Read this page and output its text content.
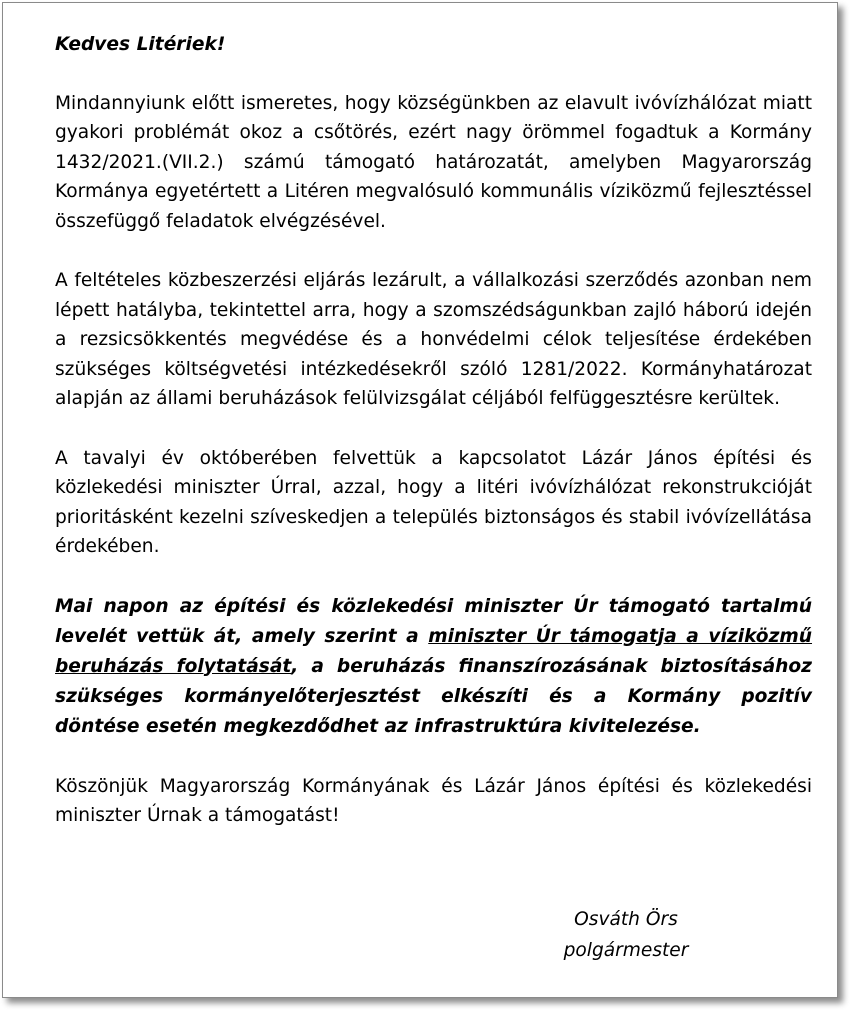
Kedves Litériek!
Mindannyiunk előtt ismeretes, hogy községünkben az elavult ivóvízhálózat miatt gyakori problémát okoz a csőtörés, ezért nagy örömmel fogadtuk a Kormány 1432/2021.(VII.2.) számú támogató határozatát, amelyben Magyarország Kormánya egyetértett a Litéren megvalósuló kommunális víziközmű fejlesztéssel összefüggő feladatok elvégzésével.
A feltételes közbeszerzési eljárás lezárult, a vállalkozási szerződés azonban nem lépett hatályba, tekintettel arra, hogy a szomszédságunkban zajló háború idején a rezsicsökkentés megvédése és a honvédelmi célok teljesítése érdekében szükséges költségvetési intézkedésekről szóló 1281/2022. Kormányhatározat alapján az állami beruházások felülvizsgálat céljából felfüggesztésre kerültek.
A tavalyi év októberében felvettük a kapcsolatot Lázár János építési és közlekedési miniszter Úrral, azzal, hogy a litéri ivóvízhálózat rekonstrukcióját prioritásként kezelni szíveskedjen a település biztonságos és stabil ivóvízellátása érdekében.
Mai napon az építési és közlekedési miniszter Úr támogató tartalmú levelét vettük át, amely szerint a miniszter Úr támogatja a víziközmű beruházás folytatását, a beruházás finanszírozásának biztosításához szükséges kormányelőterjesztést elkészíti és a Kormány pozitív döntése esetén megkezdődhet az infrastruktúra kivitelezése.
Köszönjük Magyarország Kormányának és Lázár János építési és közlekedési miniszter Úrnak a támogatást!
Osváth Örs
polgármester
